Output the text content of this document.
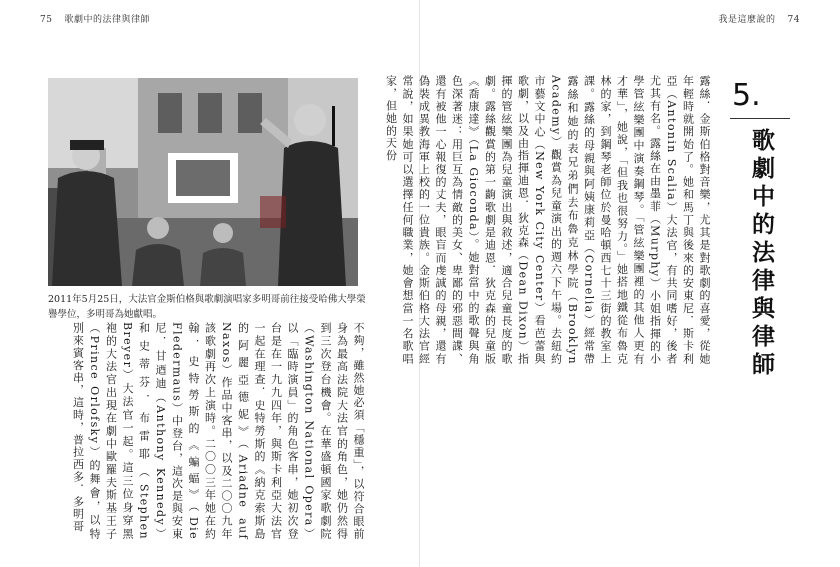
75 歌劇中的法律與律師
2011年5月25日，大法官金斯伯格與歌劇演唱家多明哥前往接受哈佛大學榮譽學位，多明哥為她獻唱。
不夠，雖然她必須「穩重」，以符合眼前身為最高法院大法官的角色，她仍然得到三次登台機會。在華盛頓國家歌劇院（Washington National Opera）以「臨時演員」的角色客串，她初次登台是在一九九四年，與斯卡利亞大法官一起在理查．史特勞斯的《納克索斯島的阿麗亞德妮》（Ariadne auf Naxos）作品中客串，以及二〇〇九年該歌劇再次上演時。二〇〇三年她在約翰．史特勞斯的《蝙蝠》（Die Fledermaus）中登台，這次是與安東尼．甘迺迪（Anthony Kennedy）和史蒂芬．布雷耶（Stephen Breyer）大法官一起。這三位身穿黑袍的大法官出現在劇中歐羅夫斯基王子（Prince Orlofsky）的舞會，以特別來賓客串，這時，普拉西多．多明哥
我是這麼說的 74
露絲．金斯伯格對音樂，尤其是對歌劇的喜愛，從她年輕時就開始了。她和馬丁與後來的安東尼．斯卡利亞（Antonin Scalia）大法官，有共同嗜好，後者尤其有名。露絲在由墨菲（Murphy）小姐指揮的小學管絃樂團中演奏鋼琴。「管絃樂團裡的其他人更有才華」，她說，「但我也很努力。」她搭地鐵從布魯克林的家，到鋼琴老師位於曼哈頓西七十三街的教室上課。露絲的母親與阿姨康莉亞（Cornelia）經常帶露絲和她的表兄弟們去布魯克林學院（Brooklyn Academy）觀賞為兒童演出的週六下午場。去紐約市藝文中心（New York City Center）看芭蕾與歌劇，以及由指揮迪恩．狄克森（Dean Dixon）指揮的管絃樂團為兒童演出與敘述，適合兒童長度的歌劇。露絲觀賞的第一齣歌劇是迪恩．狄克森的兒童版《喬康達》（La Gioconda）。她對當中的歌聲與角色深著迷：用巨互為情敵的美女、卑鄙的邪惡間諜、還有被他一心報復的丈夫，眼盲而虔誠的母親，還有偽裝成異教海軍上校的一位貴族。金斯伯格大法官經常說，如果她可以選擇任何職業，她會想當一名歌唱家，但她的天份	5.
歌劇中的法律與律師
